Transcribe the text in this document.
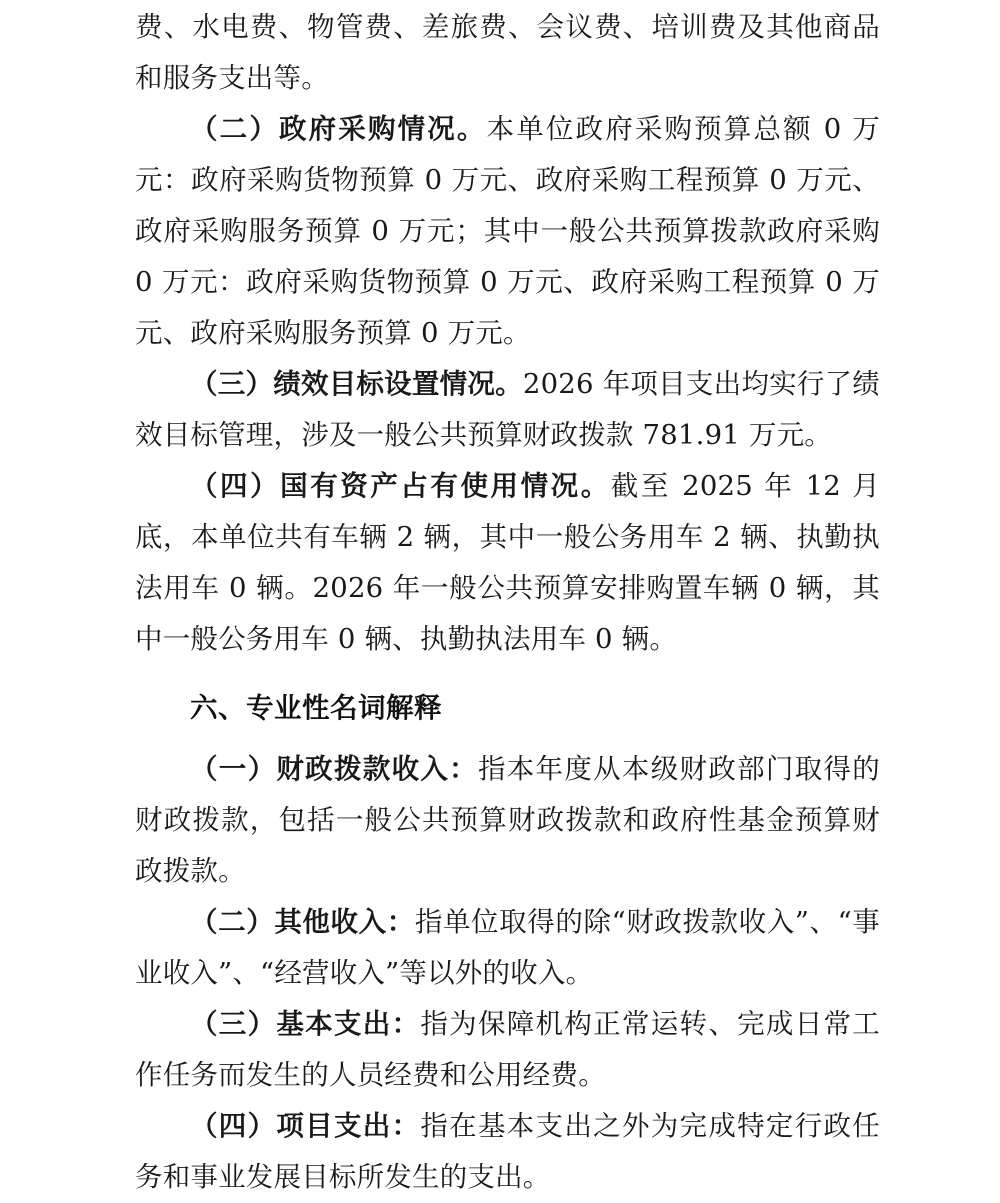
费、水电费、物管费、差旅费、会议费、培训费及其他商品和服务支出等。

（二）政府采购情况。本单位政府采购预算总额 0 万元：政府采购货物预算 0 万元、政府采购工程预算 0 万元、政府采购服务预算 0 万元；其中一般公共预算拨款政府采购 0 万元：政府采购货物预算 0 万元、政府采购工程预算 0 万元、政府采购服务预算 0 万元。

（三）绩效目标设置情况。2026 年项目支出均实行了绩效目标管理，涉及一般公共预算财政拨款 781.91 万元。

（四）国有资产占有使用情况。截至 2025 年 12 月底，本单位共有车辆 2 辆，其中一般公务用车 2 辆、执勤执法用车 0 辆。2026 年一般公共预算安排购置车辆 0 辆，其中一般公务用车 0 辆、执勤执法用车 0 辆。

六、专业性名词解释

（一）财政拨款收入：指本年度从本级财政部门取得的财政拨款，包括一般公共预算财政拨款和政府性基金预算财政拨款。

（二）其他收入：指单位取得的除“财政拨款收入”、“事业收入”、“经营收入”等以外的收入。

（三）基本支出：指为保障机构正常运转、完成日常工作任务而发生的人员经费和公用经费。

（四）项目支出：指在基本支出之外为完成特定行政任务和事业发展目标所发生的支出。
